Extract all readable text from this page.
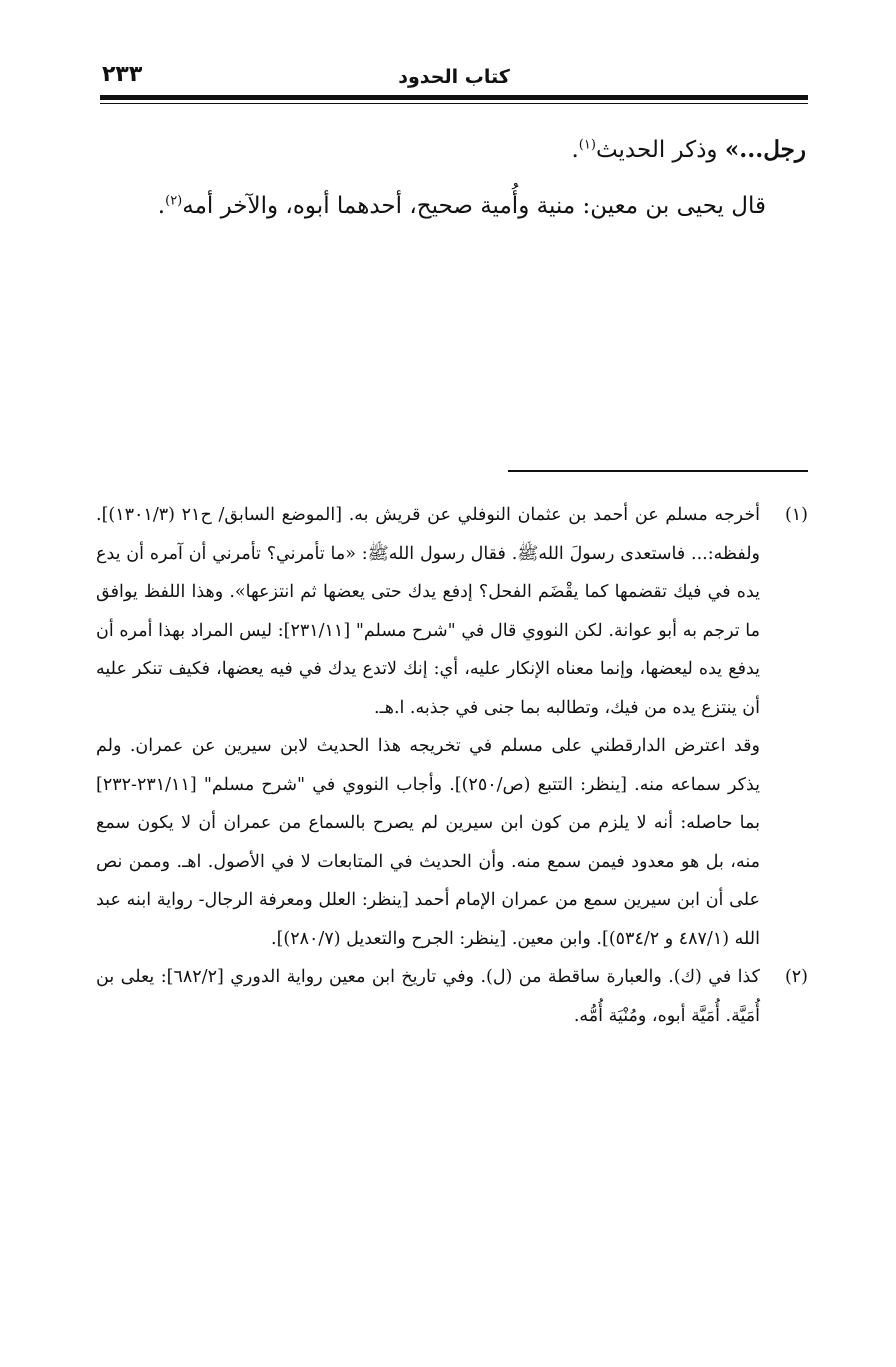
كتاب الحدود
٢٣٣

رجل...» وذكر الحديث$^{(١)}$.

قال يحيى بن معين: منية وأُمية صحيح، أحدهما أبوه، والآخر أمه$^{(٢)}$.

(١)

أخرجه مسلم عن أحمد بن عثمان النوفلي عن قريش به. [الموضع السابق/ ح٢١ (١٣٠١/٣)]. ولفظه:... فاستعدى رسولَ اللهﷺ. فقال رسول اللهﷺ: «ما تأمرني؟ تأمرني أن آمره أن يدع يده في فيك تقضمها كما يقْضَم الفحل؟ إدفع يدك حتى يعضها ثم انتزعها». وهذا اللفظ يوافق ما ترجم به أبو عوانة. لكن النووي قال في "شرح مسلم" [٢٣١/١١]: ليس المراد بهذا أمره أن يدفع يده ليعضها، وإنما معناه الإنكار عليه، أي: إنك لاتدع يدك في فيه يعضها، فكيف تنكر عليه أن ينتزع يده من فيك، وتطالبه بما جنى في جذبه. ا.هـ.

وقد اعترض الدارقطني على مسلم في تخريجه هذا الحديث لابن سيرين عن عمران. ولم يذكر سماعه منه. [ينظر: التتبع (ص/٢٥٠)]. وأجاب النووي في "شرح مسلم" [٢٣١/١١-٢٣٢] بما حاصله: أنه لا يلزم من كون ابن سيرين لم يصرح بالسماع من عمران أن لا يكون سمع منه، بل هو معدود فيمن سمع منه. وأن الحديث في المتابعات لا في الأصول. اهـ. وممن نص على أن ابن سيرين سمع من عمران الإمام أحمد [ينظر: العلل ومعرفة الرجال- رواية ابنه عبد الله (٤٨٧/١ و ٥٣٤/٢)]. وابن معين. [ينظر: الجرح والتعديل (٢٨٠/٧)].

(٢)

كذا في (ك). والعبارة ساقطة من (ل). وفي تاريخ ابن معين رواية الدوري [٦٨٢/٢]: يعلى بن أُمَيَّة. أُمَيَّة أبوه، ومُنْيَة أُمُّه.
